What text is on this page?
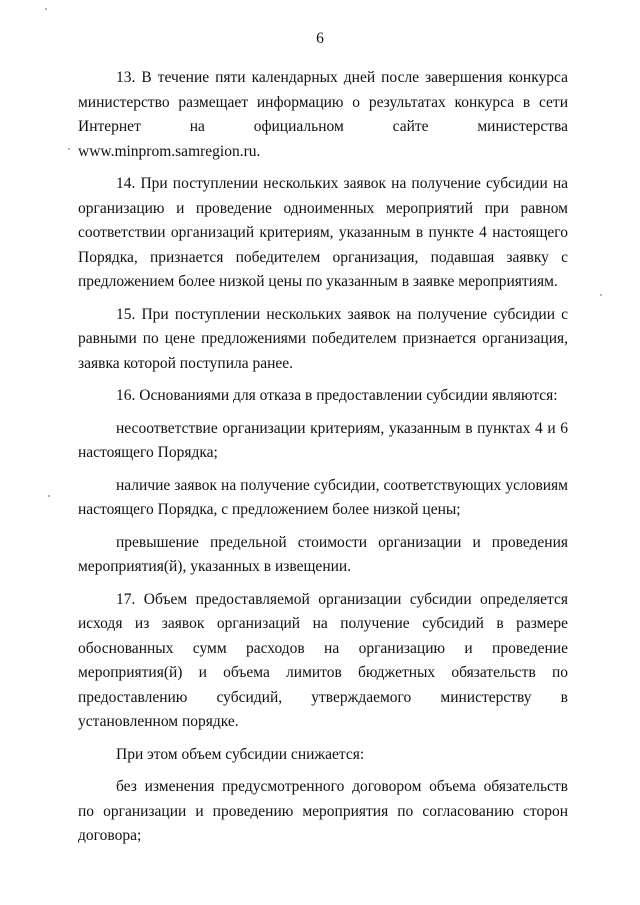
6

13. В течение пяти календарных дней после завершения конкурса министерство размещает информацию о результатах конкурса в сети Интернет на официальном сайте министерства www.minprom.samregion.ru.

14. При поступлении нескольких заявок на получение субсидии на организацию и проведение одноименных мероприятий при равном соответствии организаций критериям, указанным в пункте 4 настоящего Порядка, признается победителем организация, подавшая заявку с предложением более низкой цены по указанным в заявке мероприятиям.

15. При поступлении нескольких заявок на получение субсидии с равными по цене предложениями победителем признается организация, заявка которой поступила ранее.

16. Основаниями для отказа в предоставлении субсидии являются:

несоответствие организации критериям, указанным в пунктах 4 и 6 настоящего Порядка;

наличие заявок на получение субсидии, соответствующих условиям настоящего Порядка, с предложением более низкой цены;

превышение предельной стоимости организации и проведения мероприятия(й), указанных в извещении.

17. Объем предоставляемой организации субсидии определяется исходя из заявок организаций на получение субсидий в размере обоснованных сумм расходов на организацию и проведение мероприятия(й) и объема лимитов бюджетных обязательств по предоставлению субсидий, утверждаемого министерству в установленном порядке.

При этом объем субсидии снижается:

без изменения предусмотренного договором объема обязательств по организации и проведению мероприятия по согласованию сторон договора;
